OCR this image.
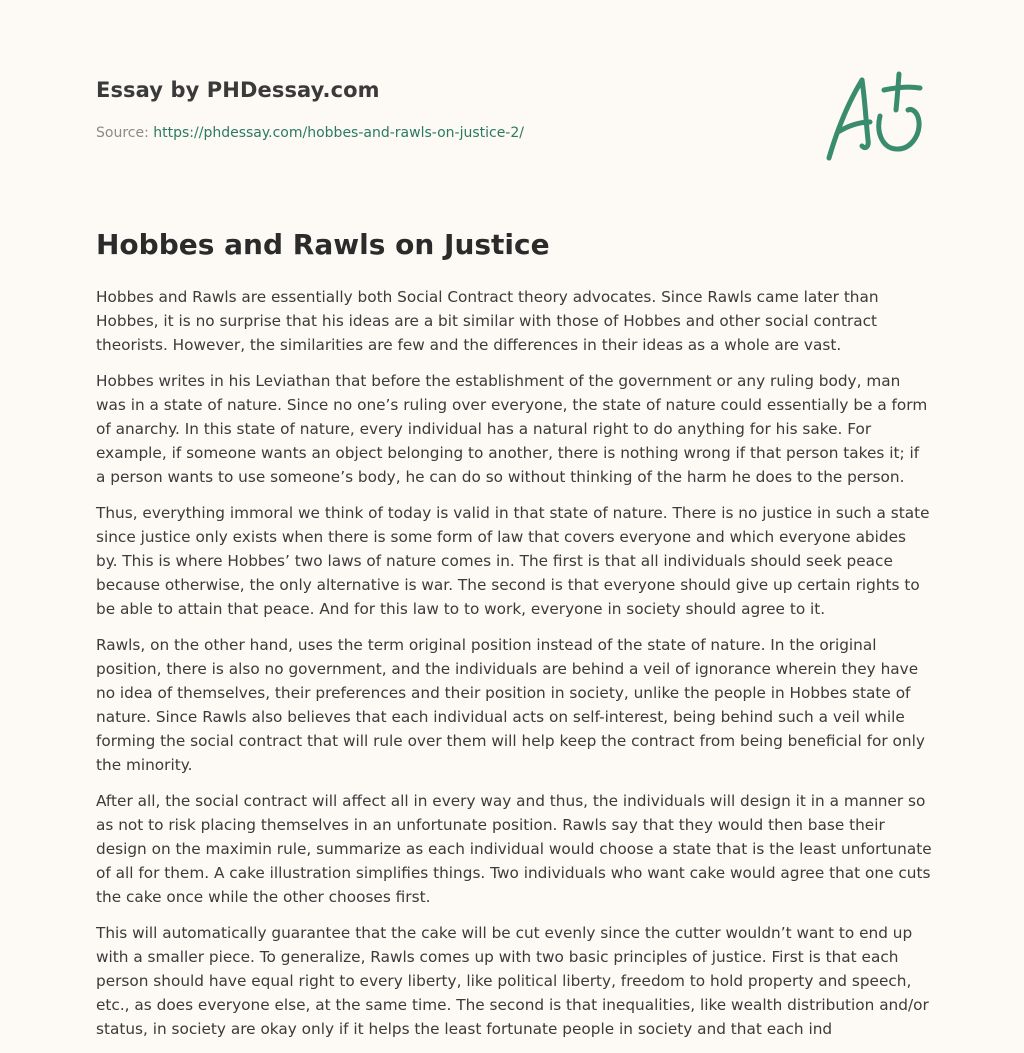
Essay by PHDessay.com
Source: https://phdessay.com/hobbes-and-rawls-on-justice-2/
Hobbes and Rawls on Justice

Hobbes and Rawls are essentially both Social Contract theory advocates. Since Rawls came later than Hobbes, it is no surprise that his ideas are a bit similar with those of Hobbes and other social contract theorists. However, the similarities are few and the differences in their ideas as a whole are vast.

Hobbes writes in his Leviathan that before the establishment of the government or any ruling body, man was in a state of nature. Since no one’s ruling over everyone, the state of nature could essentially be a form of anarchy. In this state of nature, every individual has a natural right to do anything for his sake. For example, if someone wants an object belonging to another, there is nothing wrong if that person takes it; if a person wants to use someone’s body, he can do so without thinking of the harm he does to the person.

Thus, everything immoral we think of today is valid in that state of nature. There is no justice in such a state since justice only exists when there is some form of law that covers everyone and which everyone abides by. This is where Hobbes’ two laws of nature comes in. The first is that all individuals should seek peace because otherwise, the only alternative is war. The second is that everyone should give up certain rights to be able to attain that peace. And for this law to to work, everyone in society should agree to it.

Rawls, on the other hand, uses the term original position instead of the state of nature. In the original position, there is also no government, and the individuals are behind a veil of ignorance wherein they have no idea of themselves, their preferences and their position in society, unlike the people in Hobbes state of nature. Since Rawls also believes that each individual acts on self-interest, being behind such a veil while forming the social contract that will rule over them will help keep the contract from being beneficial for only the minority.

After all, the social contract will affect all in every way and thus, the individuals will design it in a manner so as not to risk placing themselves in an unfortunate position. Rawls say that they would then base their design on the maximin rule, summarize as each individual would choose a state that is the least unfortunate of all for them. A cake illustration simplifies things. Two individuals who want cake would agree that one cuts the cake once while the other chooses first.

This will automatically guarantee that the cake will be cut evenly since the cutter wouldn’t want to end up with a smaller piece. To generalize, Rawls comes up with two basic principles of justice. First is that each person should have equal right to every liberty, like political liberty, freedom to hold property and speech, etc., as does everyone else, at the same time. The second is that inequalities, like wealth distribution and/or status, in society are okay only if it helps the least fortunate people in society and that each ind
